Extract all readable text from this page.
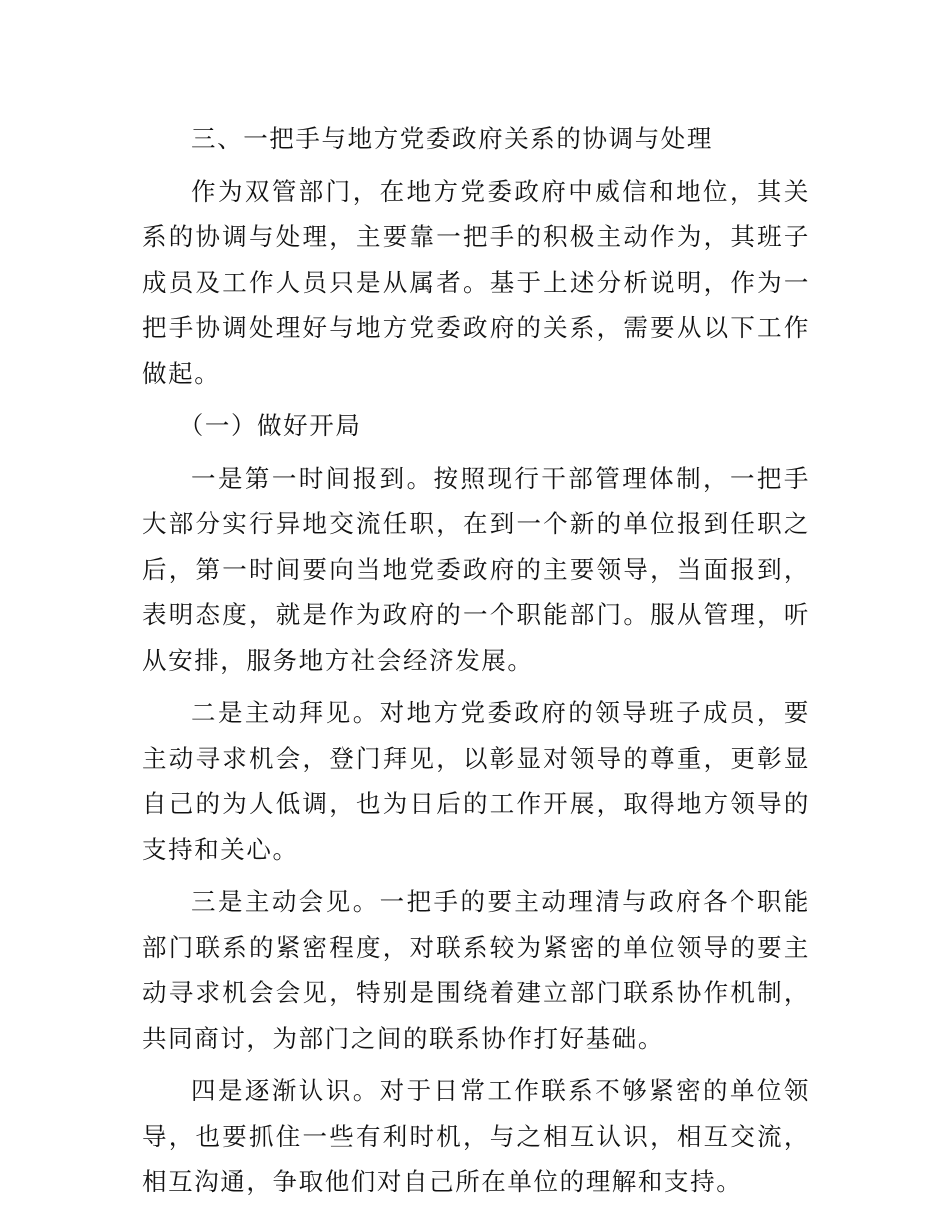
三、一把手与地方党委政府关系的协调与处理

作为双管部门，在地方党委政府中威信和地位，其关系的协调与处理，主要靠一把手的积极主动作为，其班子成员及工作人员只是从属者。基于上述分析说明，作为一把手协调处理好与地方党委政府的关系，需要从以下工作做起。

（一）做好开局

一是第一时间报到。按照现行干部管理体制，一把手大部分实行异地交流任职，在到一个新的单位报到任职之后，第一时间要向当地党委政府的主要领导，当面报到，表明态度，就是作为政府的一个职能部门。服从管理，听从安排，服务地方社会经济发展。

二是主动拜见。对地方党委政府的领导班子成员，要主动寻求机会，登门拜见，以彰显对领导的尊重，更彰显自己的为人低调，也为日后的工作开展，取得地方领导的支持和关心。

三是主动会见。一把手的要主动理清与政府各个职能部门联系的紧密程度，对联系较为紧密的单位领导的要主动寻求机会会见，特别是围绕着建立部门联系协作机制，共同商讨，为部门之间的联系协作打好基础。

四是逐渐认识。对于日常工作联系不够紧密的单位领导，也要抓住一些有利时机，与之相互认识，相互交流，相互沟通，争取他们对自己所在单位的理解和支持。
